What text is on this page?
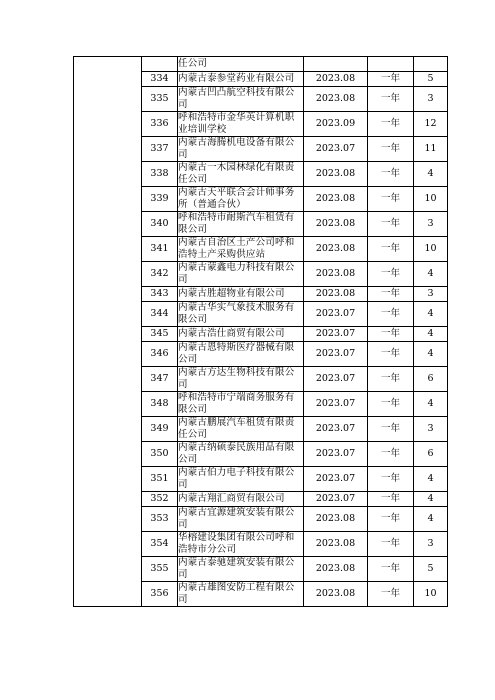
		任公司			
	334	内蒙古泰参堂药业有限公司	2023.08	一年	5
	335	内蒙古凹凸航空科技有限公司	2023.08	一年	3
	336	呼和浩特市金华英计算机职业培训学校	2023.09	一年	12
	337	内蒙古海腾机电设备有限公司	2023.07	一年	11
	338	内蒙古一木园林绿化有限责任公司	2023.08	一年	4
	339	内蒙古天平联合会计师事务所（普通合伙）	2023.08	一年	10
	340	呼和浩特市耐斯汽车租赁有限公司	2023.08	一年	3
	341	内蒙古自治区土产公司呼和浩特土产采购供应站	2023.08	一年	10
	342	内蒙古蒙鑫电力科技有限公司	2023.08	一年	4
	343	内蒙古胜超物业有限公司	2023.08	一年	3
	344	内蒙古华实气象技术服务有限公司	2023.07	一年	4
	345	内蒙古浩仕商贸有限公司	2023.07	一年	4
	346	内蒙古恩特斯医疗器械有限公司	2023.07	一年	4
	347	内蒙古方达生物科技有限公司	2023.07	一年	6
	348	呼和浩特市宁端商务服务有限公司	2023.07	一年	4
	349	内蒙古鹏展汽车租赁有限责任公司	2023.07	一年	3
	350	内蒙古纳硕泰民族用品有限公司	2023.07	一年	6
	351	内蒙古伯力电子科技有限公司	2023.07	一年	4
	352	内蒙古翔汇商贸有限公司	2023.07	一年	4
	353	内蒙古宜源建筑安装有限公司	2023.08	一年	4
	354	华榕建设集团有限公司呼和浩特市分公司	2023.08	一年	3
	355	内蒙古泰驰建筑安装有限公司	2023.08	一年	5
	356	内蒙古雄图安防工程有限公司	2023.08	一年	10
